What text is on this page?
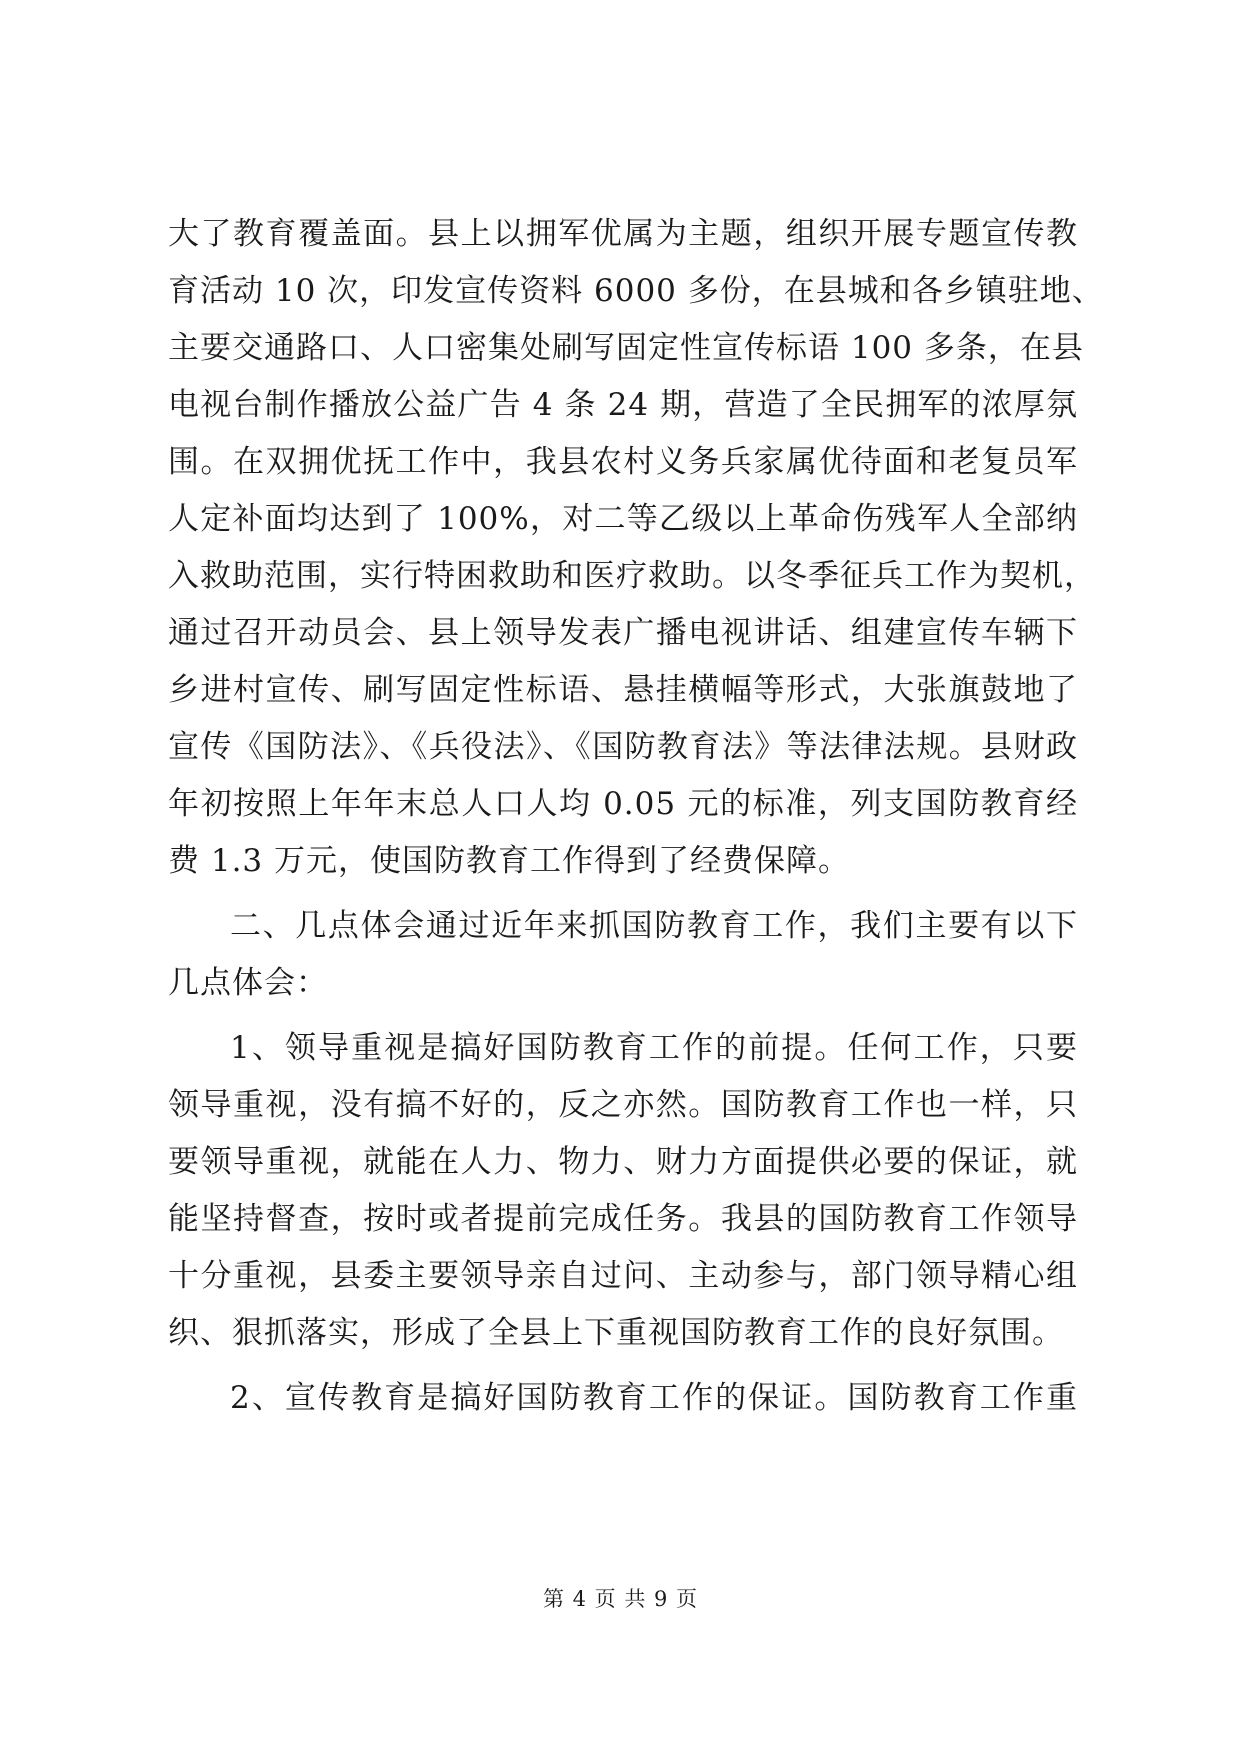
大了教育覆盖面。县上以拥军优属为主题，组织开展专题宣传教
育活动 10 次，印发宣传资料 6000 多份，在县城和各乡镇驻地、
主要交通路口、人口密集处刷写固定性宣传标语 100 多条，在县
电视台制作播放公益广告 4 条 24 期，营造了全民拥军的浓厚氛
围。在双拥优抚工作中，我县农村义务兵家属优待面和老复员军
人定补面均达到了 100%，对二等乙级以上革命伤残军人全部纳
入救助范围，实行特困救助和医疗救助。以冬季征兵工作为契机，
通过召开动员会、县上领导发表广播电视讲话、组建宣传车辆下
乡进村宣传、刷写固定性标语、悬挂横幅等形式，大张旗鼓地了
宣传《国防法》、《兵役法》、《国防教育法》等法律法规。县财政
年初按照上年年末总人口人均 0.05 元的标准，列支国防教育经
费 1.3 万元，使国防教育工作得到了经费保障。
二、几点体会通过近年来抓国防教育工作，我们主要有以下
几点体会：
1、领导重视是搞好国防教育工作的前提。任何工作，只要
领导重视，没有搞不好的，反之亦然。国防教育工作也一样，只
要领导重视，就能在人力、物力、财力方面提供必要的保证，就
能坚持督查，按时或者提前完成任务。我县的国防教育工作领导
十分重视，县委主要领导亲自过问、主动参与，部门领导精心组
织、狠抓落实，形成了全县上下重视国防教育工作的良好氛围。
2、宣传教育是搞好国防教育工作的保证。国防教育工作重
第 4 页 共 9 页
